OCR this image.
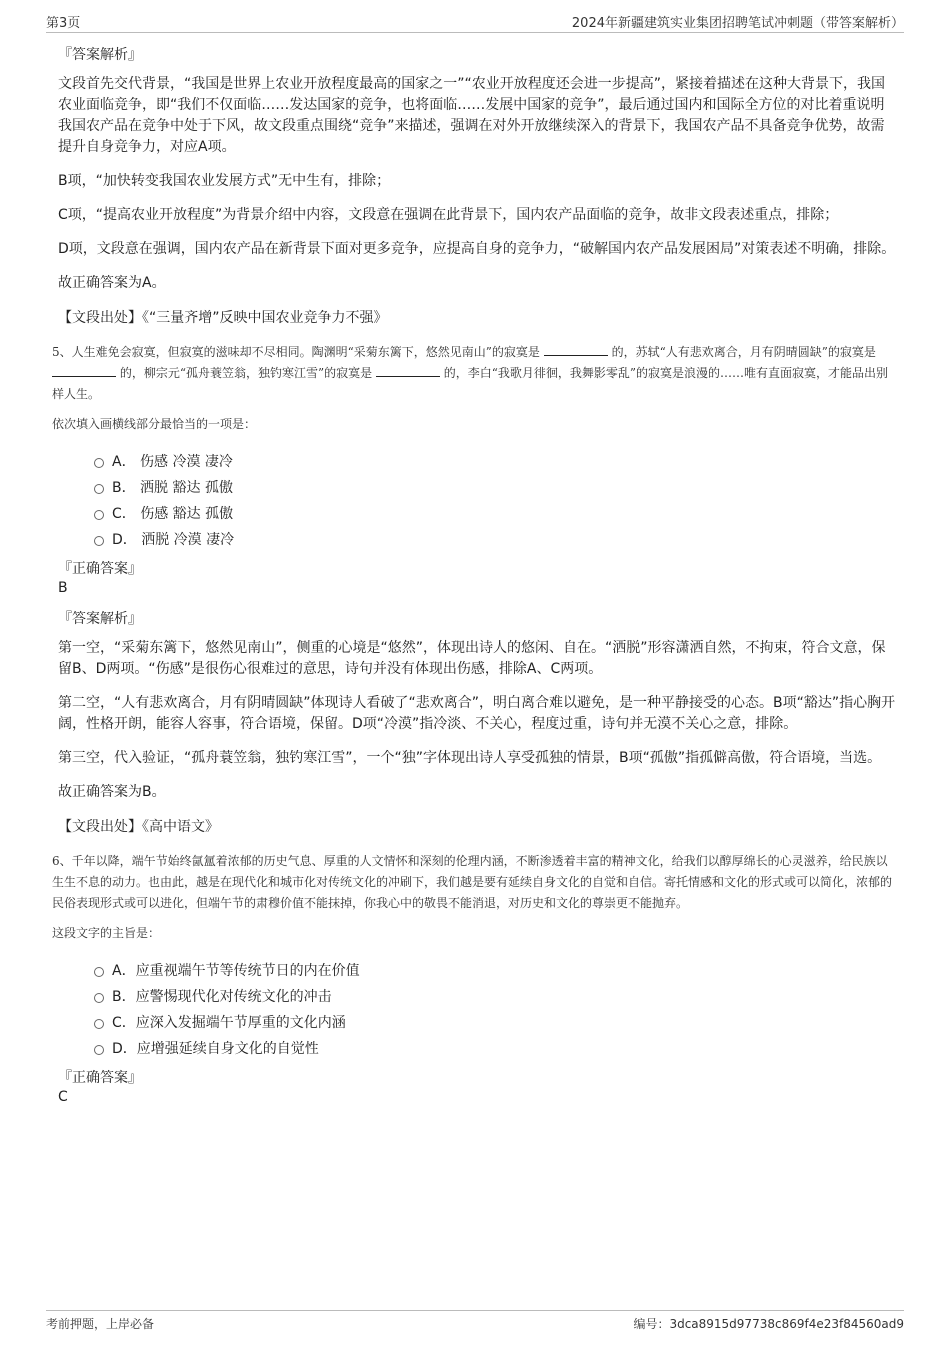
第3页	2024年新疆建筑实业集团招聘笔试冲刺题（带答案解析）
『答案解析』
文段首先交代背景，“我国是世界上农业开放程度最高的国家之一”“农业开放程度还会进一步提高”，紧接着描述在这种大背景下，我国农业面临竞争，即“我们不仅面临……发达国家的竞争，也将面临……发展中国家的竞争”，最后通过国内和国际全方位的对比着重说明我国农产品在竞争中处于下风，故文段重点围绕“竞争”来描述，强调在对外开放继续深入的背景下，我国农产品不具备竞争优势，故需提升自身竞争力，对应A项。
B项，“加快转变我国农业发展方式”无中生有，排除；
C项，“提高农业开放程度”为背景介绍中内容，文段意在强调在此背景下，国内农产品面临的竞争，故非文段表述重点，排除；
D项，文段意在强调，国内农产品在新背景下面对更多竞争，应提高自身的竞争力，“破解国内农产品发展困局”对策表述不明确，排除。
故正确答案为A。
【文段出处】《“三量齐增”反映中国农业竞争力不强》
5、人生难免会寂寞，但寂寞的滋味却不尽相同。陶渊明“采菊东篱下，悠然见南山”的寂寞是	的，苏轼“人有悲欢离合，月有阴晴圆缺”的寂寞是  的，柳宗元“孤舟蓑笠翁，独钓寒江雪”的寂寞是	的，李白“我歌月徘徊，我舞影零乱”的寂寞是浪漫的……唯有直面寂寞，才能品出别样人生。
依次填入画横线部分最恰当的一项是：
A． 伤感 冷漠 凄冷
B． 洒脱 豁达 孤傲
C． 伤感 豁达 孤傲
D． 洒脱 冷漠 凄冷
『正确答案』
B
『答案解析』
第一空，“采菊东篱下，悠然见南山”，侧重的心境是“悠然”，体现出诗人的悠闲、自在。“洒脱”形容潇洒自然，不拘束，符合文意，保留B、D两项。“伤感”是很伤心很难过的意思，诗句并没有体现出伤感，排除A、C两项。
第二空，“人有悲欢离合，月有阴晴圆缺”体现诗人看破了“悲欢离合”，明白离合难以避免，是一种平静接受的心态。B项“豁达”指心胸开阔，性格开朗，能容人容事，符合语境，保留。D项“冷漠”指冷淡、不关心，程度过重，诗句并无漠不关心之意，排除。
第三空，代入验证，“孤舟蓑笠翁，独钓寒江雪”，一个“独”字体现出诗人享受孤独的情景，B项“孤傲”指孤僻高傲，符合语境，当选。
故正确答案为B。
【文段出处】《高中语文》
6、千年以降，端午节始终氤氲着浓郁的历史气息、厚重的人文情怀和深刻的伦理内涵，不断渗透着丰富的精神文化，给我们以醇厚绵长的心灵滋养，给民族以生生不息的动力。也由此，越是在现代化和城市化对传统文化的冲刷下，我们越是要有延续自身文化的自觉和自信。寄托情感和文化的形式或可以简化，浓郁的民俗表现形式或可以进化，但端午节的肃穆价值不能抹掉，你我心中的敬畏不能消退，对历史和文化的尊崇更不能抛弃。
这段文字的主旨是：
A．应重视端午节等传统节日的内在价值
B．应警惕现代化对传统文化的冲击
C．应深入发掘端午节厚重的文化内涵
D．应增强延续自身文化的自觉性
『正确答案』
C
考前押题，上岸必备	编号：3dca8915d97738c869f4e23f84560ad9
